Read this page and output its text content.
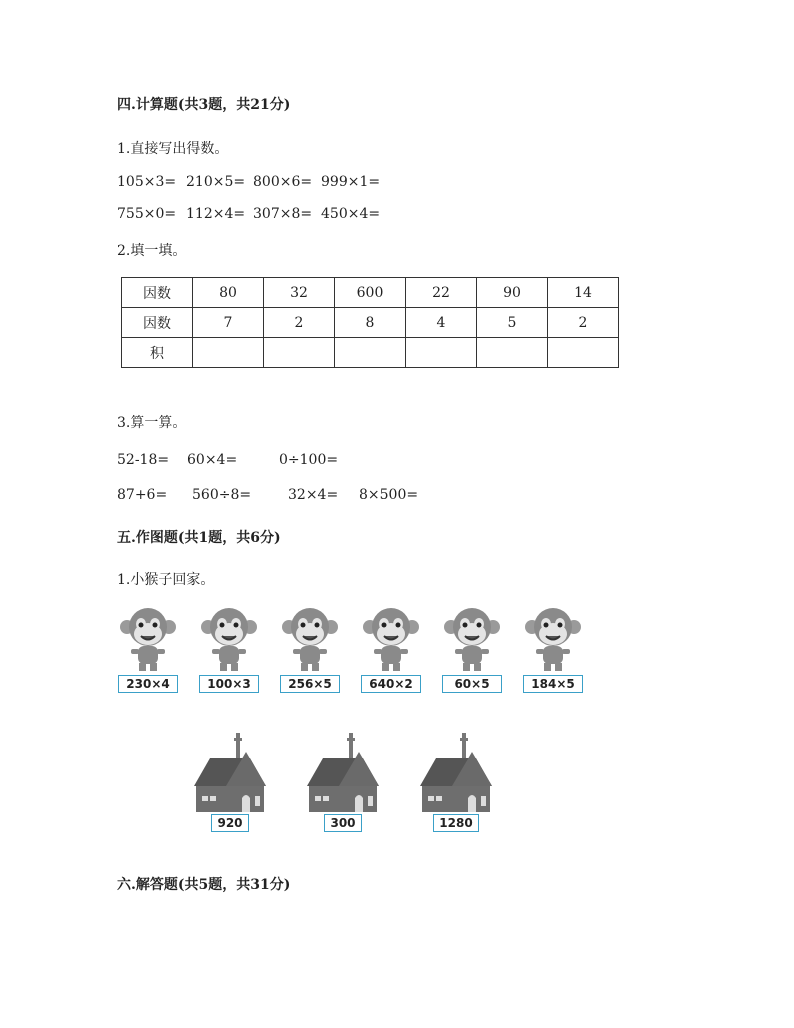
四.计算题(共3题，共21分)
1.直接写出得数。
105×3= 210×5= 800×6= 999×1=
755×0= 112×4= 307×8= 450×4=
2.填一填。
因数	80	32	600	22	90	14
因数	7	2	8	4	5	2
积						
3.算一算。
52-18= 60×4=	0÷100=
87+6= 560÷8=	32×4= 8×500=
五.作图题(共1题，共6分)
1.小猴子回家。
230×4	100×3	256×5	640×2	60×5	184×5
920	300	1280
六.解答题(共5题，共31分)
